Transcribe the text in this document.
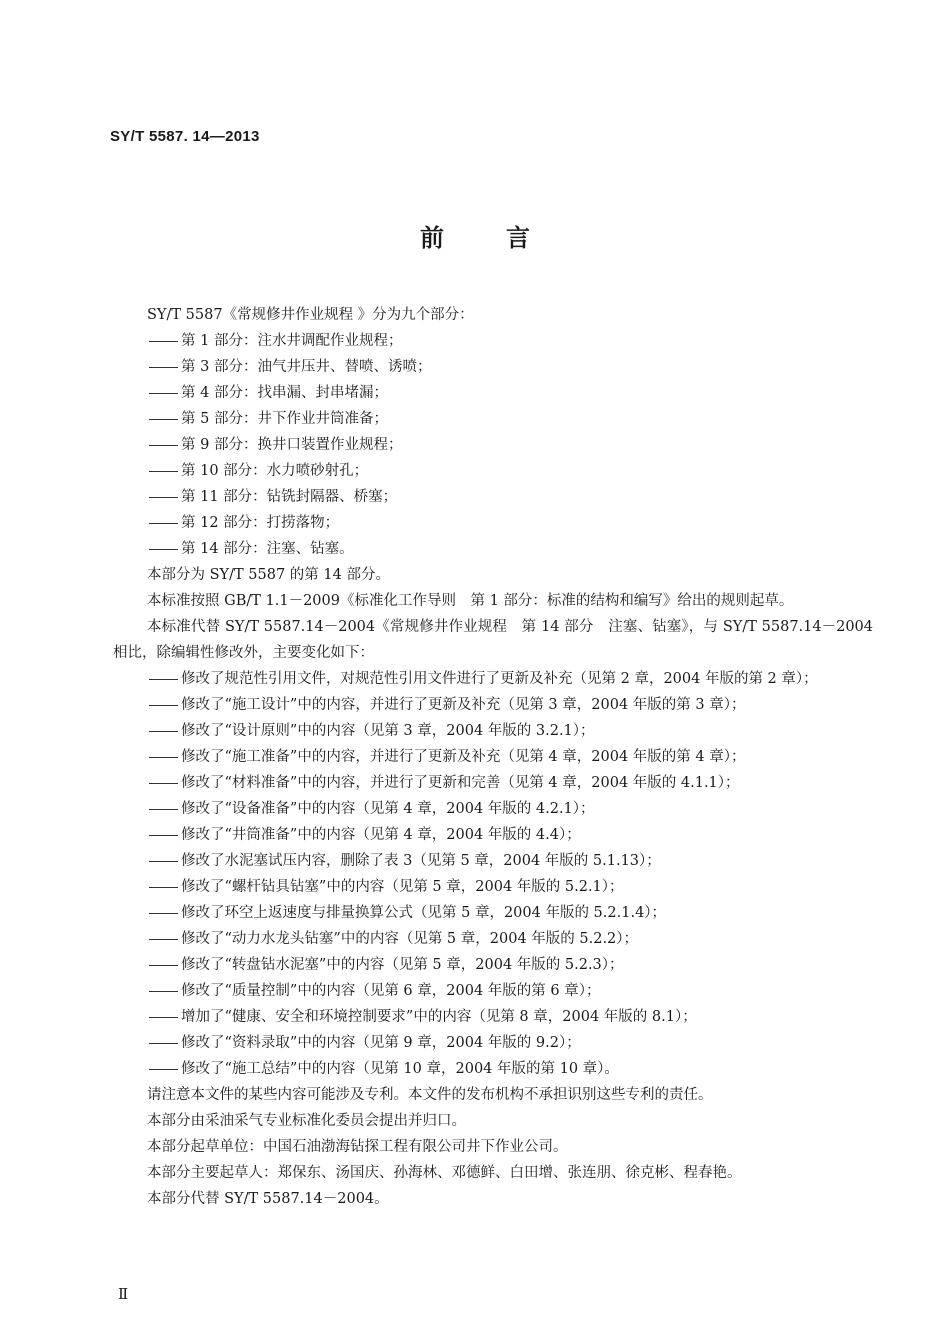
SY/T 5587. 14—2013
前言

SY/T 5587《常规修井作业规程 》分为九个部分：

第 1 部分：注水井调配作业规程；

第 3 部分：油气井压井、替喷、诱喷；

第 4 部分：找串漏、封串堵漏；

第 5 部分：井下作业井筒准备；

第 9 部分：换井口装置作业规程；

第 10 部分：水力喷砂射孔；

第 11 部分：钻铣封隔器、桥塞；

第 12 部分：打捞落物；

第 14 部分：注塞、钻塞。

本部分为 SY/T 5587 的第 14 部分。

本标准按照 GB/T 1.1－2009《标准化工作导则　第 1 部分：标准的结构和编写》给出的规则起草。

本标准代替 SY/T 5587.14－2004《常规修井作业规程　第 14 部分　注塞、钻塞》，与 SY/T 5587.14－2004 相比，除编辑性修改外，主要变化如下：

修改了规范性引用文件，对规范性引用文件进行了更新及补充（见第 2 章，2004 年版的第 2 章）；

修改了“施工设计”中的内容，并进行了更新及补充（见第 3 章，2004 年版的第 3 章）；

修改了“设计原则”中的内容（见第 3 章，2004 年版的 3.2.1）；

修改了“施工准备”中的内容，并进行了更新及补充（见第 4 章，2004 年版的第 4 章）；

修改了“材料准备”中的内容，并进行了更新和完善（见第 4 章，2004 年版的 4.1.1）；

修改了“设备准备”中的内容（见第 4 章，2004 年版的 4.2.1）；

修改了“井筒准备”中的内容（见第 4 章，2004 年版的 4.4）；

修改了水泥塞试压内容，删除了表 3（见第 5 章，2004 年版的 5.1.13）；

修改了“螺杆钻具钻塞”中的内容（见第 5 章，2004 年版的 5.2.1）；

修改了环空上返速度与排量换算公式（见第 5 章，2004 年版的 5.2.1.4）；

修改了“动力水龙头钻塞”中的内容（见第 5 章，2004 年版的 5.2.2）；

修改了“转盘钻水泥塞”中的内容（见第 5 章，2004 年版的 5.2.3）；

修改了“质量控制”中的内容（见第 6 章，2004 年版的第 6 章）；

增加了“健康、安全和环境控制要求”中的内容（见第 8 章，2004 年版的 8.1）；

修改了“资料录取”中的内容（见第 9 章，2004 年版的 9.2）；

修改了“施工总结”中的内容（见第 10 章，2004 年版的第 10 章）。

请注意本文件的某些内容可能涉及专利。本文件的发布机构不承担识别这些专利的责任。

本部分由采油采气专业标准化委员会提出并归口。

本部分起草单位：中国石油渤海钻探工程有限公司井下作业公司。

本部分主要起草人：郑保东、汤国庆、孙海林、邓德鲜、白田增、张连朋、徐克彬、程春艳。

本部分代替 SY/T 5587.14－2004。

Ⅱ
